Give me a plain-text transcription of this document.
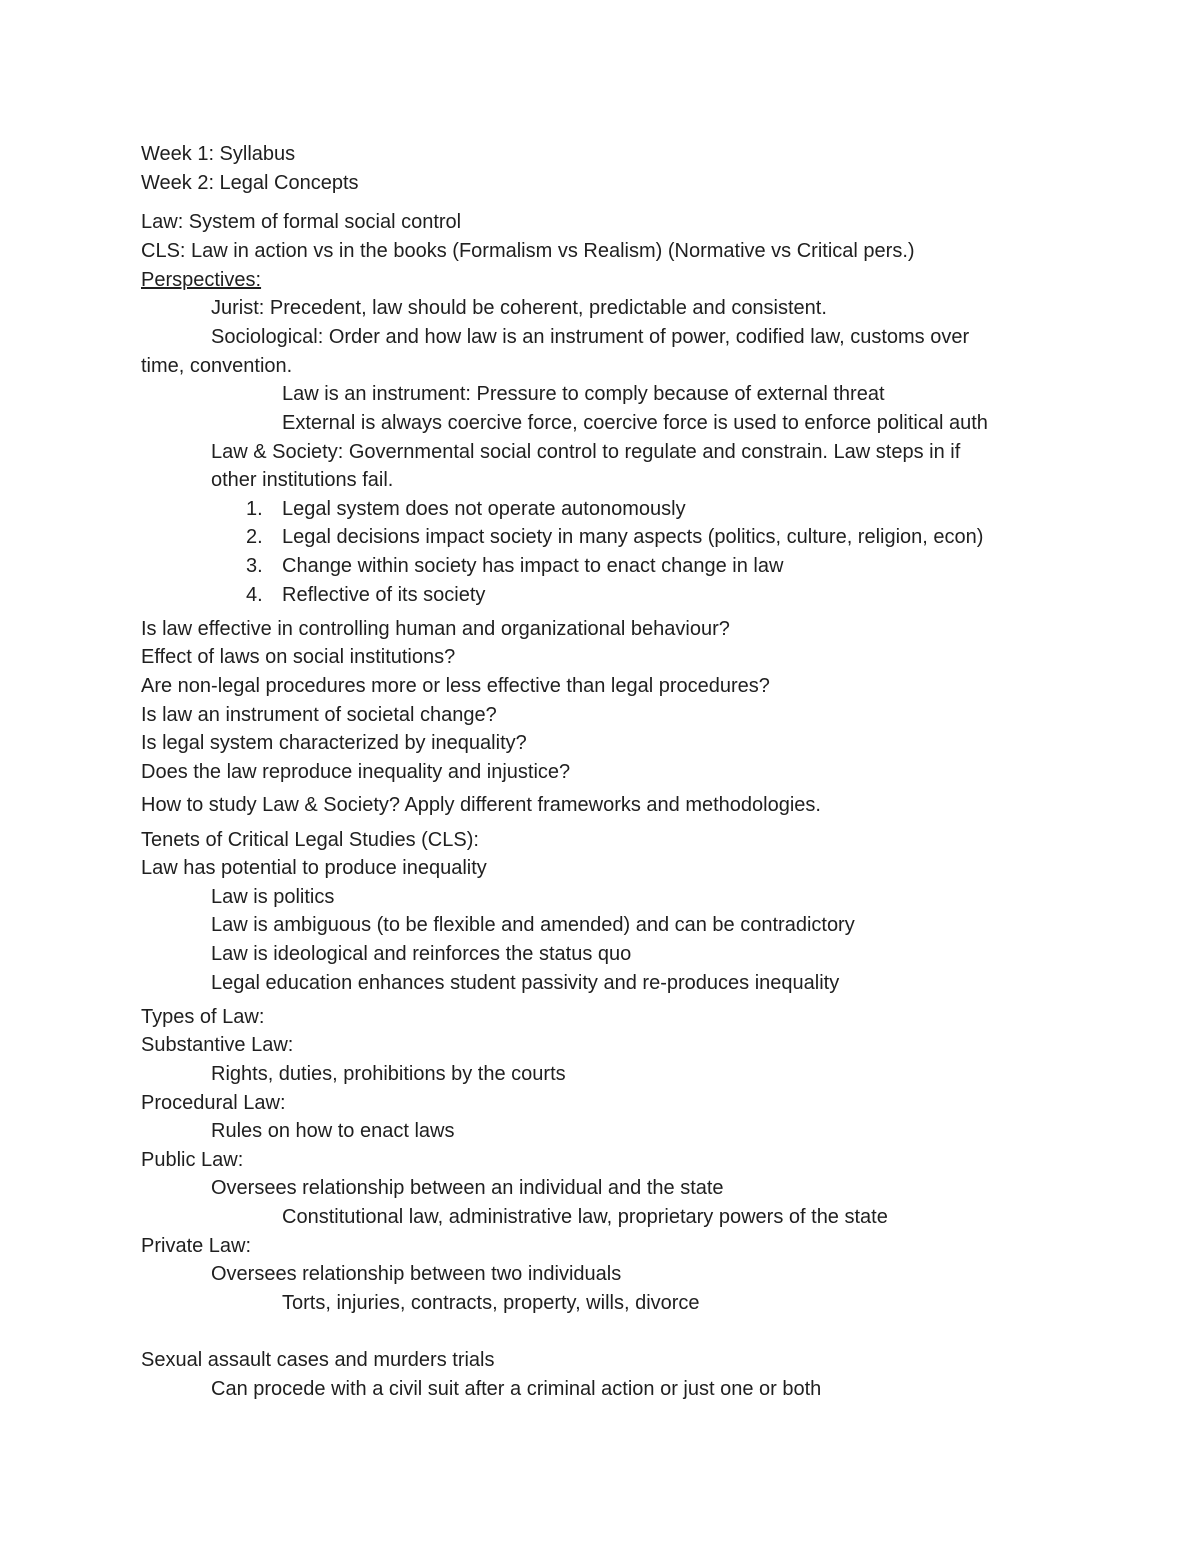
Week 1: Syllabus

Week 2: Legal Concepts

Law: System of formal social control

CLS: Law in action vs in the books (Formalism vs Realism) (Normative vs Critical pers.)

Perspectives:

Jurist: Precedent, law should be coherent, predictable and consistent.

Sociological: Order and how law is an instrument of power, codified law, customs over

time, convention.

Law is an instrument: Pressure to comply because of external threat

External is always coercive force, coercive force is used to enforce political auth

Law & Society: Governmental social control to regulate and constrain. Law steps in if

other institutions fail.

1. Legal system does not operate autonomously

2. Legal decisions impact society in many aspects (politics, culture, religion, econ)

3. Change within society has impact to enact change in law

4. Reflective of its society

Is law effective in controlling human and organizational behaviour?

Effect of laws on social institutions?

Are non-legal procedures more or less effective than legal procedures?

Is law an instrument of societal change?

Is legal system characterized by inequality?

Does the law reproduce inequality and injustice?

How to study Law & Society? Apply different frameworks and methodologies.

Tenets of Critical Legal Studies (CLS):

Law has potential to produce inequality

Law is politics

Law is ambiguous (to be flexible and amended) and can be contradictory

Law is ideological and reinforces the status quo

Legal education enhances student passivity and re-produces inequality

Types of Law:

Substantive Law:

Rights, duties, prohibitions by the courts

Procedural Law:

Rules on how to enact laws

Public Law:

Oversees relationship between an individual and the state

Constitutional law, administrative law, proprietary powers of the state

Private Law:

Oversees relationship between two individuals

Torts, injuries, contracts, property, wills, divorce

Sexual assault cases and murders trials

Can procede with a civil suit after a criminal action or just one or both
